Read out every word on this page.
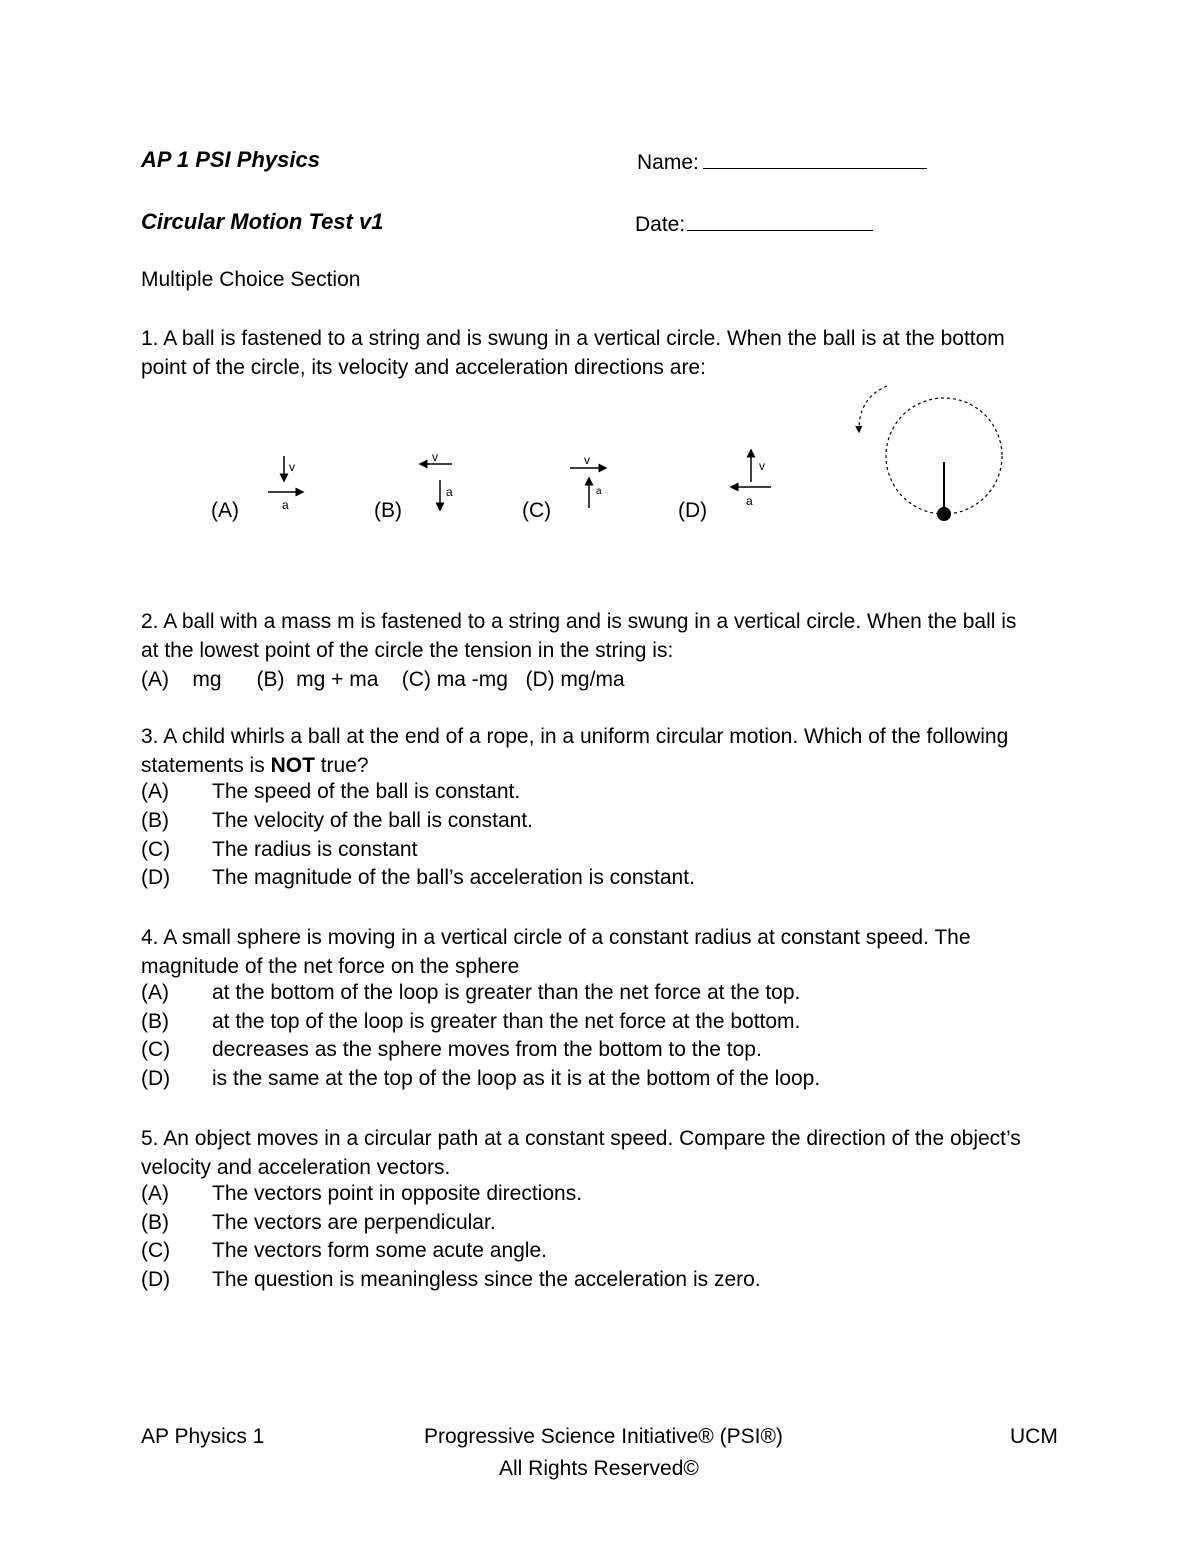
AP 1 PSI Physics	Name:
Circular Motion Test v1	Date:
Multiple Choice Section
1. A ball is fastened to a string and is swung in a vertical circle. When the ball is at the bottom
point of the circle, its velocity and acceleration directions are:
(A)	(B)	(C)	(D)
v
a
v
a
v
a
v
a
2. A ball with a mass m is fastened to a string and is swung in a vertical circle. When the ball is
at the lowest point of the circle the tension in the string is:
(A)    mg      (B)  mg + ma    (C) ma -mg   (D) mg/ma
3. A child whirls a ball at the end of a rope, in a uniform circular motion. Which of the following
statements is NOT true?
(A) The speed of the ball is constant.
(B) The velocity of the ball is constant.
(C) The radius is constant
(D) The magnitude of the ball’s acceleration is constant.
4. A small sphere is moving in a vertical circle of a constant radius at constant speed. The
magnitude of the net force on the sphere
(A) at the bottom of the loop is greater than the net force at the top.
(B) at the top of the loop is greater than the net force at the bottom.
(C) decreases as the sphere moves from the bottom to the top.
(D) is the same at the top of the loop as it is at the bottom of the loop.
5. An object moves in a circular path at a constant speed. Compare the direction of the object’s
velocity and acceleration vectors.
(A) The vectors point in opposite directions.
(B) The vectors are perpendicular.
(C) The vectors form some acute angle.
(D) The question is meaningless since the acceleration is zero.
AP Physics 1	Progressive Science Initiative® (PSI®)	UCM
All Rights Reserved©
